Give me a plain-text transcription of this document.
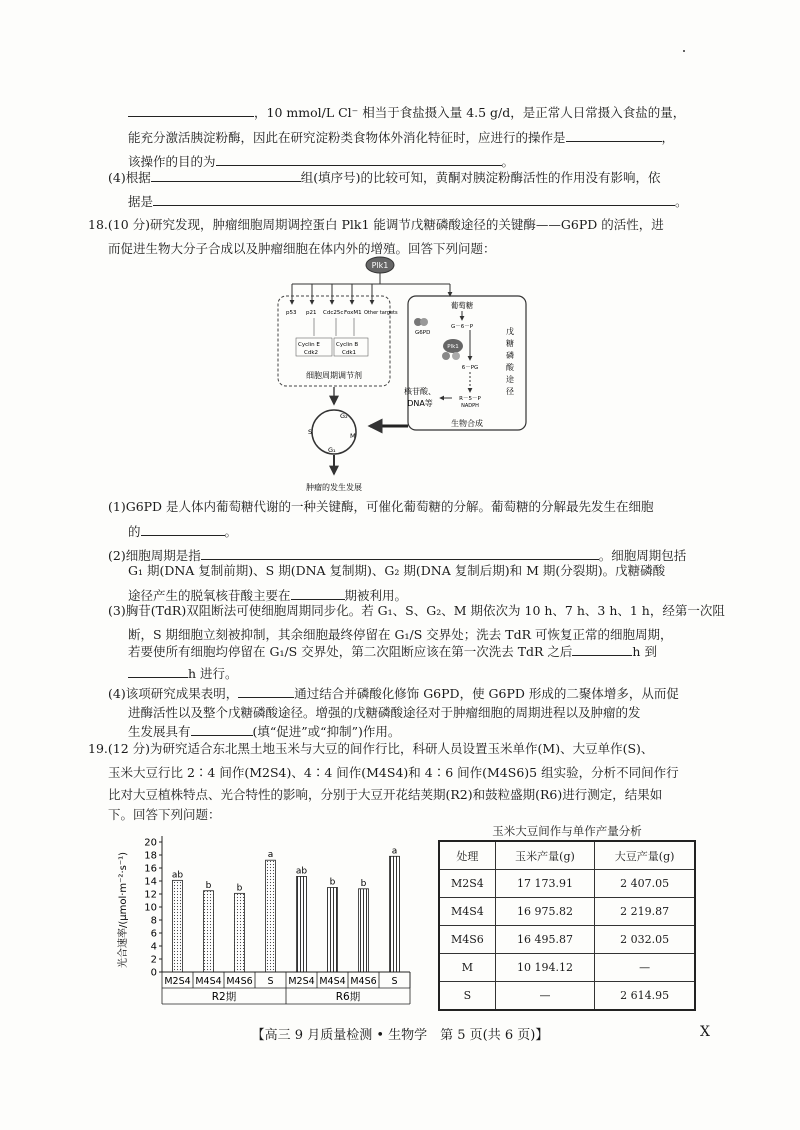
，10 mmol/L Cl⁻ 相当于食盐摄入量 4.5 g/d，是正常人日常摄入食盐的量，
能充分激活胰淀粉酶，因此在研究淀粉类食物体外消化特征时，应进行的操作是	，
该操作的目的为	。
(4)根据	组(填序号)的比较可知，黄酮对胰淀粉酶活性的作用没有影响，依
据是	。
18.(10 分)研究发现，肿瘤细胞周期调控蛋白 Plk1 能调节戊糖磷酸途径的关键酶——G6PD 的活性，进
而促进生物大分子合成以及肿瘤细胞在体内外的增殖。回答下列问题：
Plk1
p53 p21 Cdc25c FoxM1 Other targets
Cyclin E
Cdk2
Cyclin B
Cdk1
细胞周期调节剂
葡萄糖
G－6－P
G6PD
Plk1
6－PG
R－5－P
NADPH
核苷酸、
DNA等
生物合成
戊糖磷酸途径
G₂
S	M
G₁
肿瘤的发生发展
(1)G6PD 是人体内葡萄糖代谢的一种关键酶，可催化葡萄糖的分解。葡萄糖的分解最先发生在细胞
的	。
(2)细胞周期是指	。细胞周期包括
G₁ 期(DNA 复制前期)、S 期(DNA 复制期)、G₂ 期(DNA 复制后期)和 M 期(分裂期)。戊糖磷酸
途径产生的脱氧核苷酸主要在	期被利用。
(3)胸苷(TdR)双阻断法可使细胞周期同步化。若 G₁、S、G₂、M 期依次为 10 h、7 h、3 h、1 h，经第一次阻
断，S 期细胞立刻被抑制，其余细胞最终停留在 G₁/S 交界处；洗去 TdR 可恢复正常的细胞周期，
若要使所有细胞均停留在 G₁/S 交界处，第二次阻断应该在第一次洗去 TdR 之后	h 到
h 进行。
(4)该项研究成果表明，	通过结合并磷酸化修饰 G6PD，使 G6PD 形成的二聚体增多，从而促
进酶活性以及整个戊糖磷酸途径。增强的戊糖磷酸途径对于肿瘤细胞的周期进程以及肿瘤的发
生发展具有	(填“促进”或“抑制”)作用。
19.(12 分)为研究适合东北黑土地玉米与大豆的间作行比，科研人员设置玉米单作(M)、大豆单作(S)、
玉米大豆行比 2∶4 间作(M2S4)、4∶4 间作(M4S4)和 4∶6 间作(M4S6)5 组实验，分析不同间作行
比对大豆植株特点、光合特性的影响，分别于大豆开花结荚期(R2)和鼓粒盛期(R6)进行测定，结果如
下。回答下列问题：
光合速率/(μmol·m⁻²·s⁻¹)
0
2
4
6
8
10
12
14
16
18
20
ab
b	b
a
ab
b	b
a
M2S4 M4S4 M4S6 S
R2期
M2S4 M4S4 M4S6 S
R6期
玉米大豆间作与单作产量分析
处理	玉米产量(g)	大豆产量(g)
M2S4	17 173.91	2 407.05
M4S4	16 975.82	2 219.87
M4S6	16 495.87	2 032.05
M	10 194.12	—
S	—	2 614.95
【高三 9 月质量检测 • 生物学　第 5 页(共 6 页)】	X
